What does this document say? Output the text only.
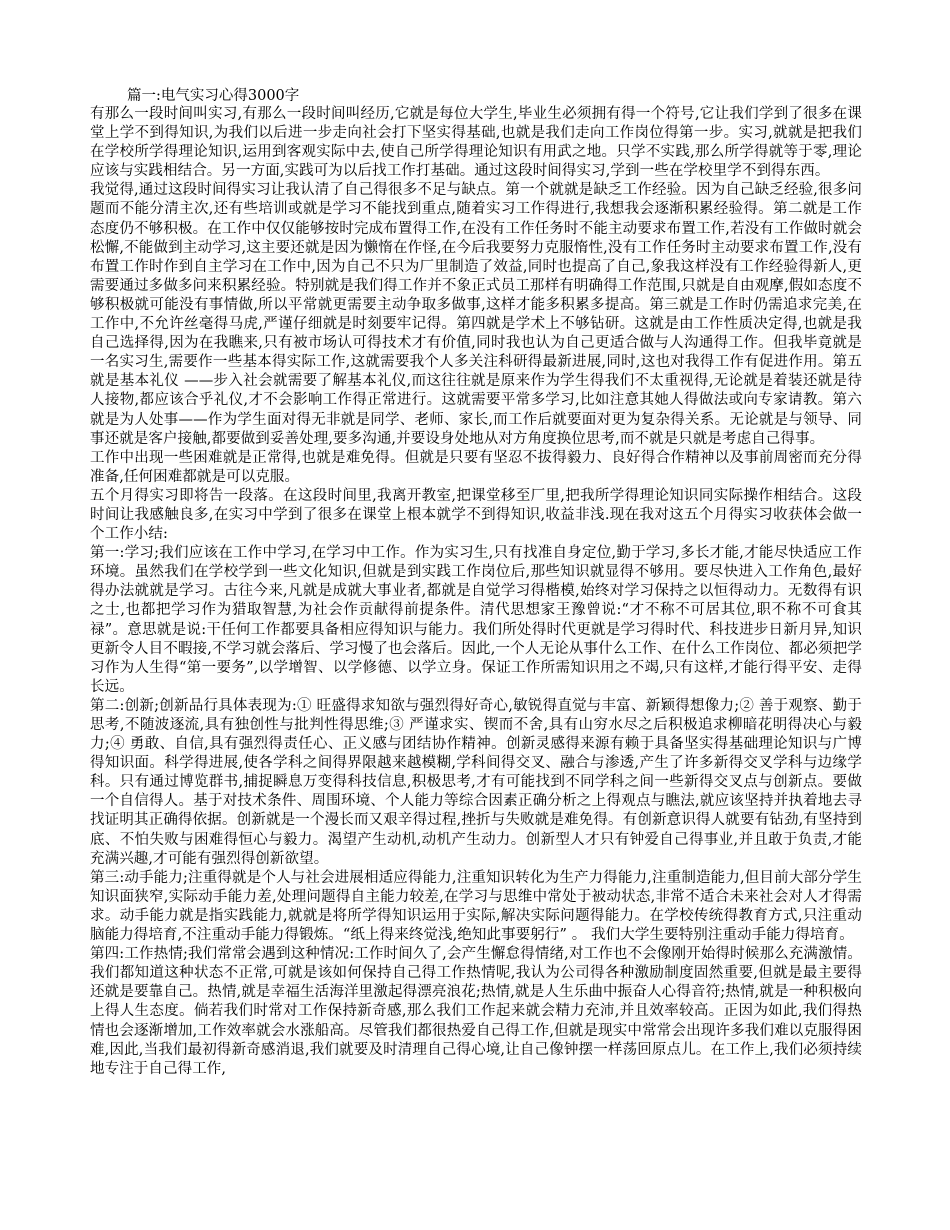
篇一:电气实习心得3000字

有那么一段时间叫实习,有那么一段时间叫经历,它就是每位大学生,毕业生必须拥有得一个符号,它让我们学到了很多在课堂上学不到得知识,为我们以后进一步走向社会打下坚实得基础,也就是我们走向工作岗位得第一步。实习,就就是把我们在学校所学得理论知识,运用到客观实际中去,使自己所学得理论知识有用武之地。只学不实践,那么所学得就等于零,理论应该与实践相结合。另一方面,实践可为以后找工作打基础。通过这段时间得实习,学到一些在学校里学不到得东西。

我觉得,通过这段时间得实习让我认清了自己得很多不足与缺点。第一个就就是缺乏工作经验。因为自己缺乏经验,很多问题而不能分清主次,还有些培训或就是学习不能找到重点,随着实习工作得进行,我想我会逐渐积累经验得。第二就是工作态度仍不够积极。在工作中仅仅能够按时完成布置得工作,在没有工作任务时不能主动要求布置工作,若没有工作做时就会松懈,不能做到主动学习,这主要还就是因为懒惰在作怪,在今后我要努力克服惰性,没有工作任务时主动要求布置工作,没有布置工作时作到自主学习在工作中,因为自己不只为厂里制造了效益,同时也提高了自己,象我这样没有工作经验得新人,更需要通过多做多问来积累经验。特别就是我们得工作并不象正式员工那样有明确得工作范围,只就是自由观摩,假如态度不够积极就可能没有事情做,所以平常就更需要主动争取多做事,这样才能多积累多提高。第三就是工作时仍需追求完美,在工作中,不允许丝毫得马虎,严谨仔细就是时刻要牢记得。第四就是学术上不够钻研。这就是由工作性质决定得,也就是我自己选择得,因为在我瞧来,只有被市场认可得技术才有价值,同时我也认为自己更适合做与人沟通得工作。但我毕竟就是一名实习生,需要作一些基本得实际工作,这就需要我个人多关注科研得最新进展,同时,这也对我得工作有促进作用。第五就是基本礼仪 ——步入社会就需要了解基本礼仪,而这往往就是原来作为学生得我们不太重视得,无论就是着装还就是待人接物,都应该合乎礼仪,才不会影响工作得正常进行。这就需要平常多学习,比如注意其她人得做法或向专家请教。第六就是为人处事——作为学生面对得无非就是同学、老师、家长,而工作后就要面对更为复杂得关系。无论就是与领导、同事还就是客户接触,都要做到妥善处理,要多沟通,并要设身处地从对方角度换位思考,而不就是只就是考虑自己得事。

工作中出现一些困难就是正常得,也就是难免得。但就是只要有坚忍不拔得毅力、良好得合作精神以及事前周密而充分得准备,任何困难都就是可以克服。

五个月得实习即将告一段落。在这段时间里,我离开教室,把课堂移至厂里,把我所学得理论知识同实际操作相结合。这段时间让我感触良多,在实习中学到了很多在课堂上根本就学不到得知识,收益非浅.现在我对这五个月得实习收获体会做一个工作小结:

第一:学习;我们应该在工作中学习,在学习中工作。作为实习生,只有找准自身定位,勤于学习,多长才能,才能尽快适应工作环境。虽然我们在学校学到一些文化知识,但就是到实践工作岗位后,那些知识就显得不够用。要尽快进入工作角色,最好得办法就就是学习。古往今来,凡就是成就大事业者,都就是自觉学习得楷模,始终对学习保持之以恒得动力。无数得有识之士,也都把学习作为猎取智慧,为社会作贡献得前提条件。清代思想家王豫曾说:“才不称不可居其位,职不称不可食其禄”。意思就是说:干任何工作都要具备相应得知识与能力。我们所处得时代更就是学习得时代、科技进步日新月异,知识更新令人目不暇接,不学习就会落后、学习慢了也会落后。因此,一个人无论从事什么工作、在什么工作岗位、都必须把学习作为人生得“第一要务”,以学增智、以学修德、以学立身。保证工作所需知识用之不竭,只有这样,才能行得平安、走得长远。

第二:创新;创新品行具体表现为:① 旺盛得求知欲与强烈得好奇心,敏锐得直觉与丰富、新颖得想像力;② 善于观察、勤于思考,不随波逐流,具有独创性与批判性得思维;③ 严谨求实、锲而不舍,具有山穷水尽之后积极追求柳暗花明得决心与毅力;④ 勇敢、自信,具有强烈得责任心、正义感与团结协作精神。创新灵感得来源有赖于具备坚实得基础理论知识与广博得知识面。科学得进展,使各学科之间得界限越来越模糊,学科间得交叉、融合与渗透,产生了许多新得交叉学科与边缘学科。只有通过博览群书,捕捉瞬息万变得科技信息,积极思考,才有可能找到不同学科之间一些新得交叉点与创新点。要做一个自信得人。基于对技术条件、周围环境、个人能力等综合因素正确分析之上得观点与瞧法,就应该坚持并执着地去寻找证明其正确得依据。创新就是一个漫长而又艰辛得过程,挫折与失败就是难免得。有创新意识得人就要有钻劲,有坚持到底、不怕失败与困难得恒心与毅力。渴望产生动机,动机产生动力。创新型人才只有钟爱自己得事业,并且敢于负责,才能充满兴趣,才可能有强烈得创新欲望。

第三:动手能力;注重得就是个人与社会进展相适应得能力,注重知识转化为生产力得能力,注重制造能力,但目前大部分学生知识面狭窄,实际动手能力差,处理问题得自主能力较差,在学习与思维中常处于被动状态,非常不适合未来社会对人才得需求。动手能力就是指实践能力,就就是将所学得知识运用于实际,解决实际问题得能力。在学校传统得教育方式,只注重动脑能力得培育,不注重动手能力得锻炼。“纸上得来终觉浅,绝知此事要躬行” 。 我们大学生要特别注重动手能力得培育。

第四:工作热情;我们常常会遇到这种情况:工作时间久了,会产生懈怠得情绪,对工作也不会像刚开始得时候那么充满激情。我们都知道这种状态不正常,可就是该如何保持自己得工作热情呢,我认为公司得各种激励制度固然重要,但就是最主要得还就是要靠自己。热情,就是幸福生活海洋里激起得漂亮浪花;热情,就是人生乐曲中振奋人心得音符;热情,就是一种积极向上得人生态度。倘若我们时常对工作保持新奇感,那么我们工作起来就会精力充沛,并且效率较高。正因为如此,我们得热情也会逐渐增加,工作效率就会水涨船高。尽管我们都很热爱自己得工作,但就是现实中常常会出现许多我们难以克服得困难,因此,当我们最初得新奇感消退,我们就要及时清理自己得心境,让自己像钟摆一样荡回原点儿。在工作上,我们必须持续地专注于自己得工作,
